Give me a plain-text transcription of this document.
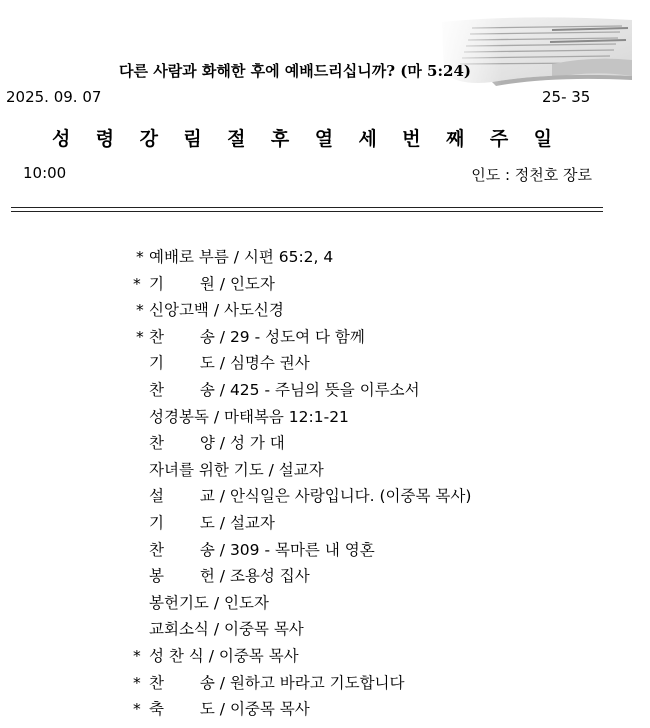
다른 사람과 화해한 후에 예배드리십니까? (마 5:24)
2025. 09. 07	25- 35
성 령 강 림 절 후 열 세 번 째 주 일
10:00	인도 : 정천호 장로
* 예배로 부름 / 시편 65:2, 4
* 기　 　원 / 인도자
* 신앙고백 / 사도신경
* 찬　 　송 / 29 - 성도여 다 함께
기　 　도 / 심명수 권사
찬　 　송 / 425 - 주님의 뜻을 이루소서
성경봉독 / 마태복음 12:1-21
찬　 　양 / 성 가 대
자녀를 위한 기도 / 설교자
설　 　교 / 안식일은 사랑입니다. (이중목 목사)
기　 　도 / 설교자
찬　 　송 / 309 - 목마른 내 영혼
봉　 　헌 / 조용성 집사
봉헌기도 / 인도자
교회소식 / 이중목 목사
* 성 찬 식 / 이중목 목사
* 찬　 　송 / 원하고 바라고 기도합니다
* 축　 　도 / 이중목 목사
